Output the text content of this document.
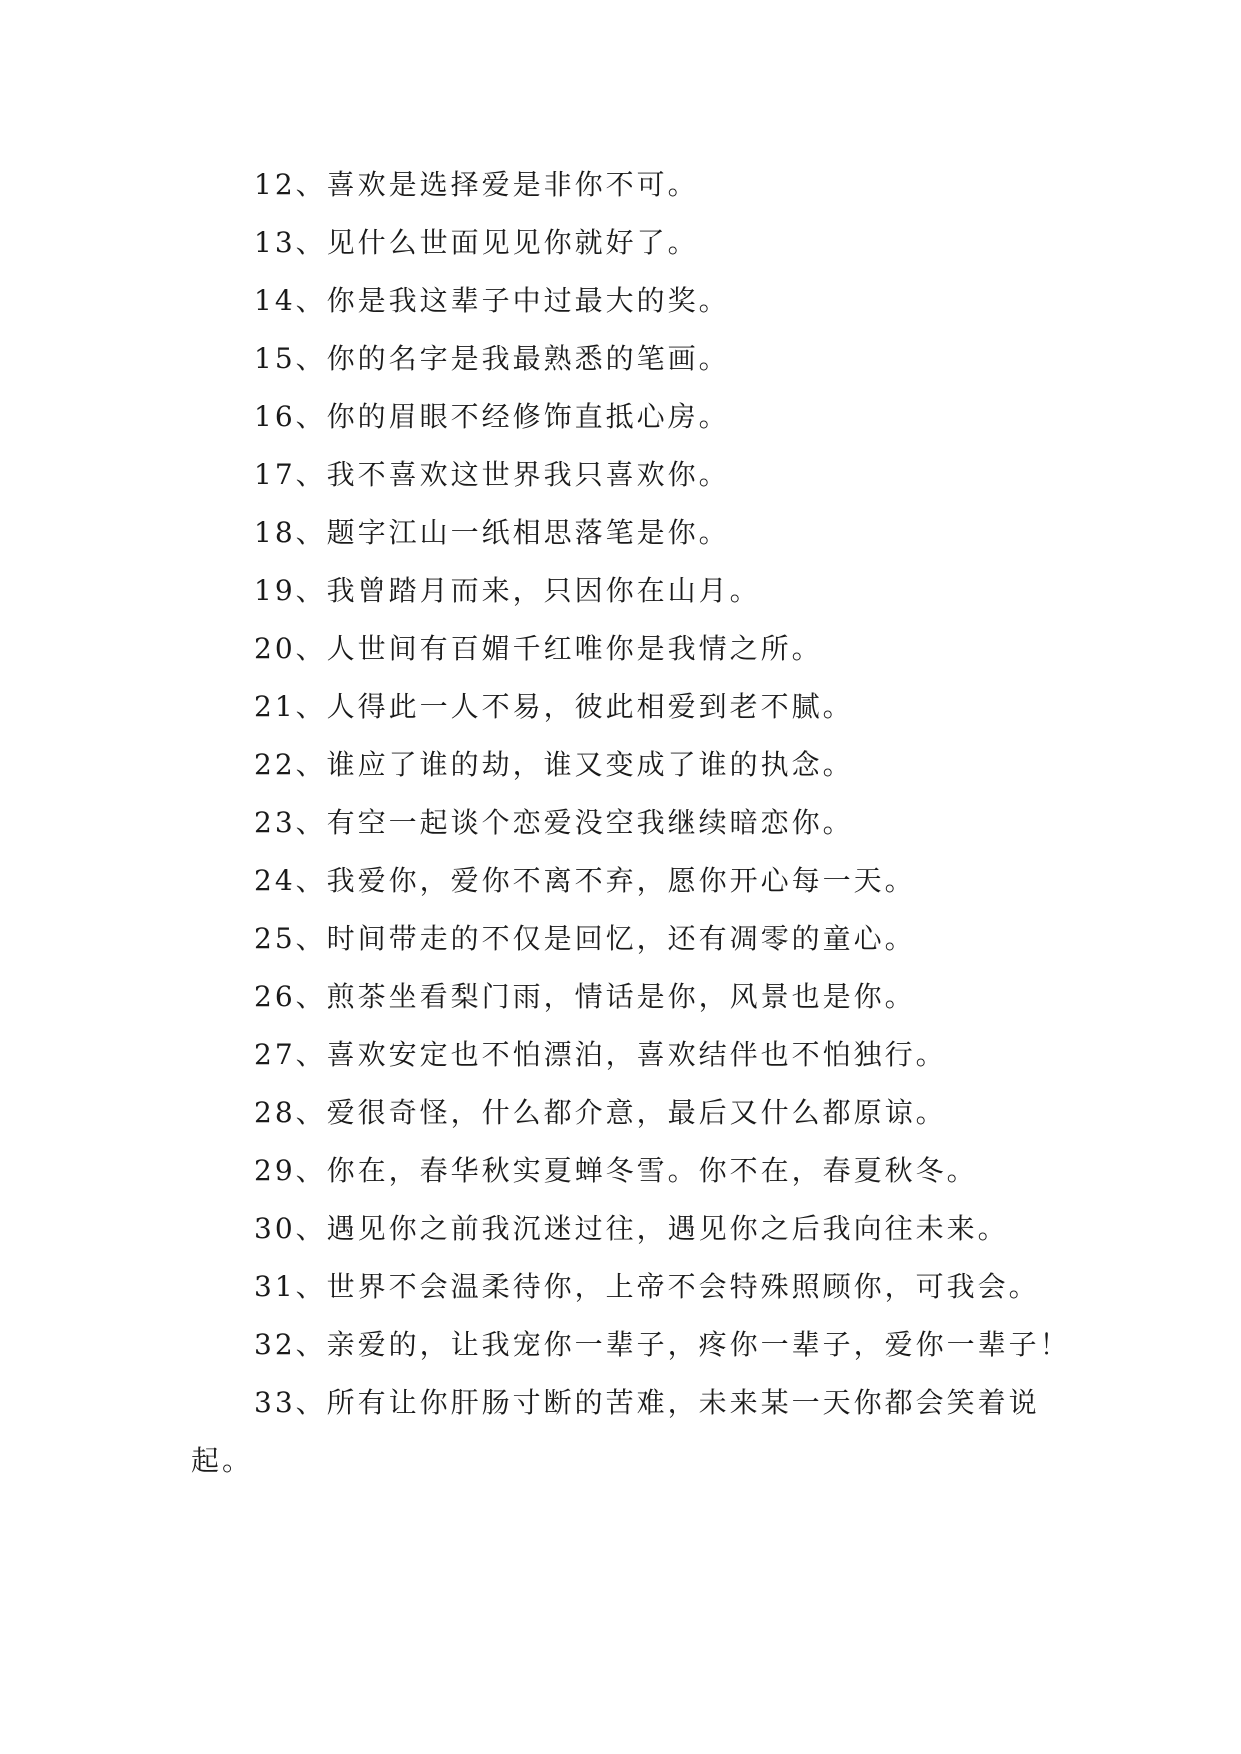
12、喜欢是选择爱是非你不可。

13、见什么世面见见你就好了。

14、你是我这辈子中过最大的奖。

15、你的名字是我最熟悉的笔画。

16、你的眉眼不经修饰直抵心房。

17、我不喜欢这世界我只喜欢你。

18、题字江山一纸相思落笔是你。

19、我曾踏月而来，只因你在山月。

20、人世间有百媚千红唯你是我情之所。

21、人得此一人不易，彼此相爱到老不腻。

22、谁应了谁的劫，谁又变成了谁的执念。

23、有空一起谈个恋爱没空我继续暗恋你。

24、我爱你，爱你不离不弃，愿你开心每一天。

25、时间带走的不仅是回忆，还有凋零的童心。

26、煎茶坐看梨门雨，情话是你，风景也是你。

27、喜欢安定也不怕漂泊，喜欢结伴也不怕独行。

28、爱很奇怪，什么都介意，最后又什么都原谅。

29、你在，春华秋实夏蝉冬雪。你不在，春夏秋冬。

30、遇见你之前我沉迷过往，遇见你之后我向往未来。

31、世界不会温柔待你，上帝不会特殊照顾你，可我会。

32、亲爱的，让我宠你一辈子，疼你一辈子，爱你一辈子！

33、所有让你肝肠寸断的苦难，未来某一天你都会笑着说起。
